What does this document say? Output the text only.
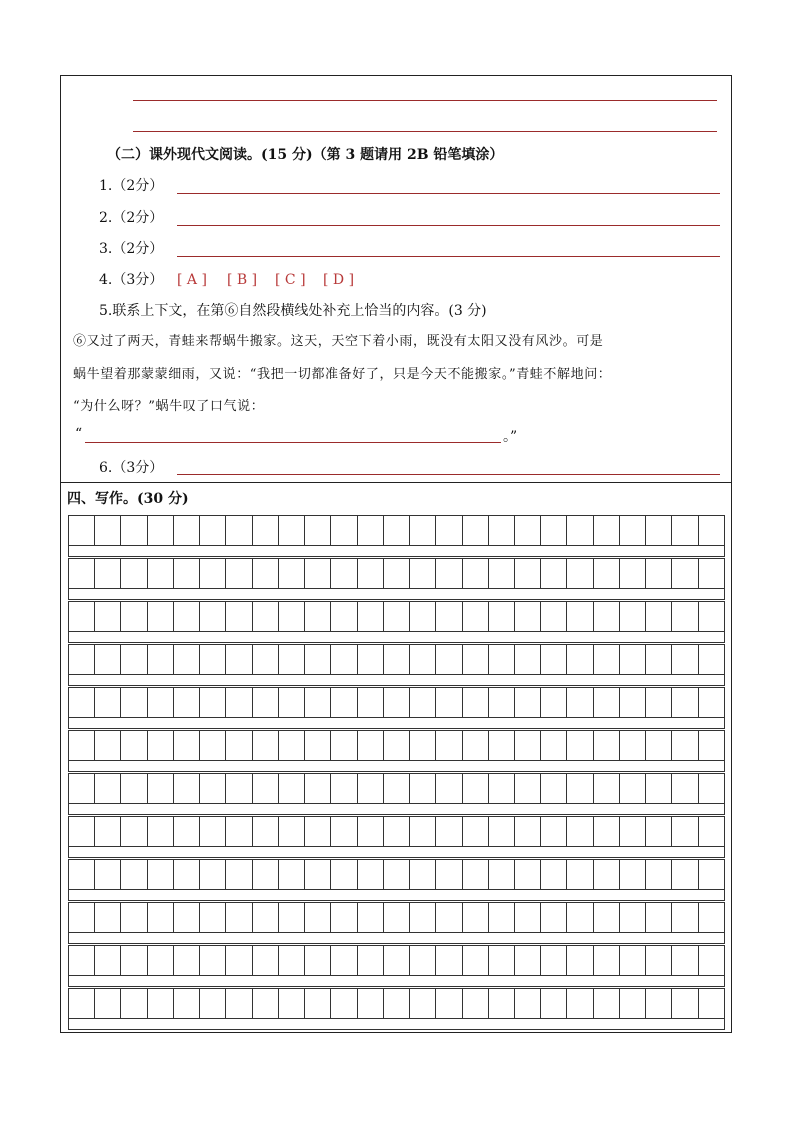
（二）课外现代文阅读。(15 分)（第 3 题请用 2B 铅笔填涂）
1.（2分）
2.（2分）
3.（2分）
4.（3分） [ A ] [ B ] [ C ] [ D ]
5.联系上下文，在第⑥自然段横线处补充上恰当的内容。(3 分)
⑥又过了两天，青蛙来帮蜗牛搬家。这天，天空下着小雨，既没有太阳又没有风沙。可是
蜗牛望着那蒙蒙细雨，又说：“我把一切都准备好了，只是今天不能搬家。”青蛙不解地问：
“为什么呀？”蜗牛叹了口气说：
“	。”
6.（3分）
四、写作。(30 分)
